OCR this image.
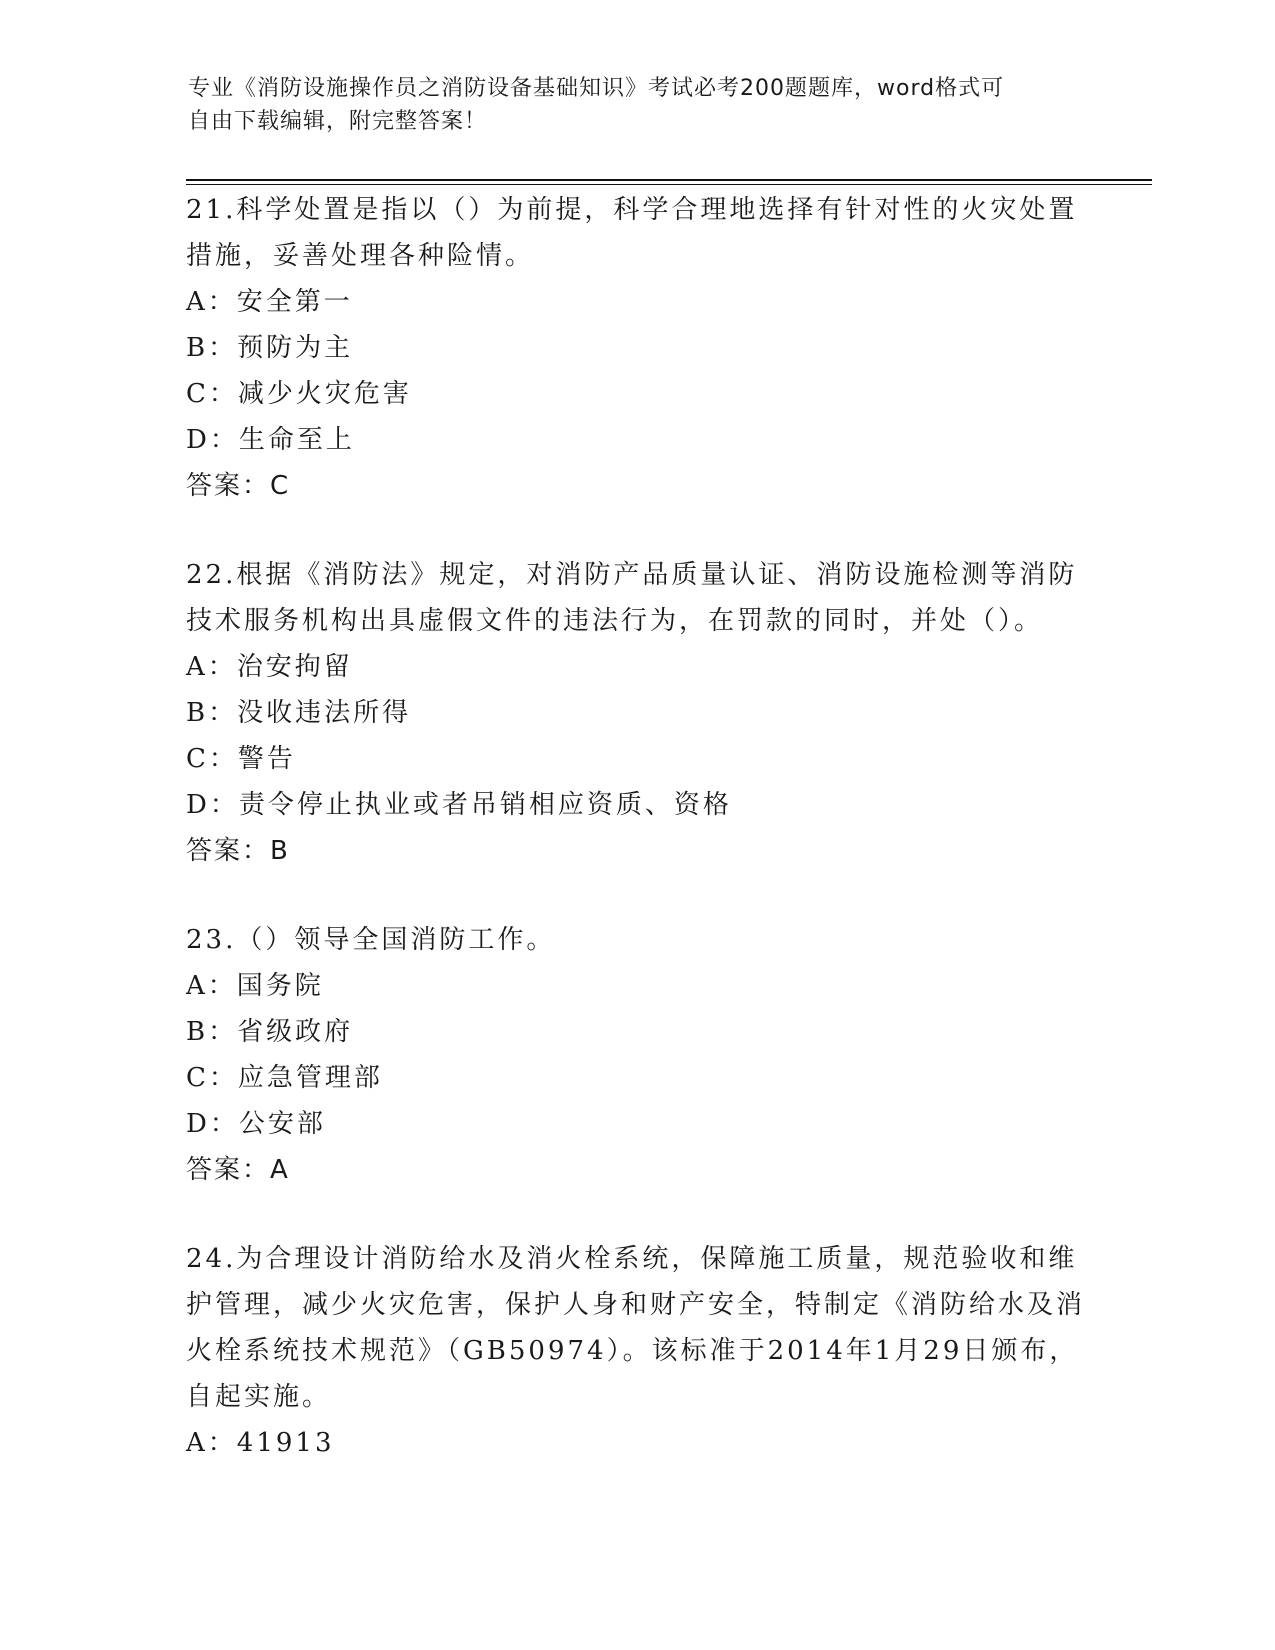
专业《消防设施操作员之消防设备基础知识》考试必考200题题库，word格式可
自由下载编辑，附完整答案！
21.科学处置是指以（）为前提，科学合理地选择有针对性的火灾处置措施，妥善处理各种险情。
A：安全第一
B：预防为主
C：减少火灾危害
D：生命至上
答案：C
22.根据《消防法》规定，对消防产品质量认证、消防设施检测等消防技术服务机构出具虚假文件的违法行为，在罚款的同时，并处（）。
A：治安拘留
B：没收违法所得
C：警告
D：责令停止执业或者吊销相应资质、资格
答案：B
23.（）领导全国消防工作。
A：国务院
B：省级政府
C：应急管理部
D：公安部
答案：A
24.为合理设计消防给水及消火栓系统，保障施工质量，规范验收和维护管理，减少火灾危害，保护人身和财产安全，特制定《消防给水及消火栓系统技术规范》（GB50974）。该标准于2014年1月29日颁布，自起实施。
A：41913
